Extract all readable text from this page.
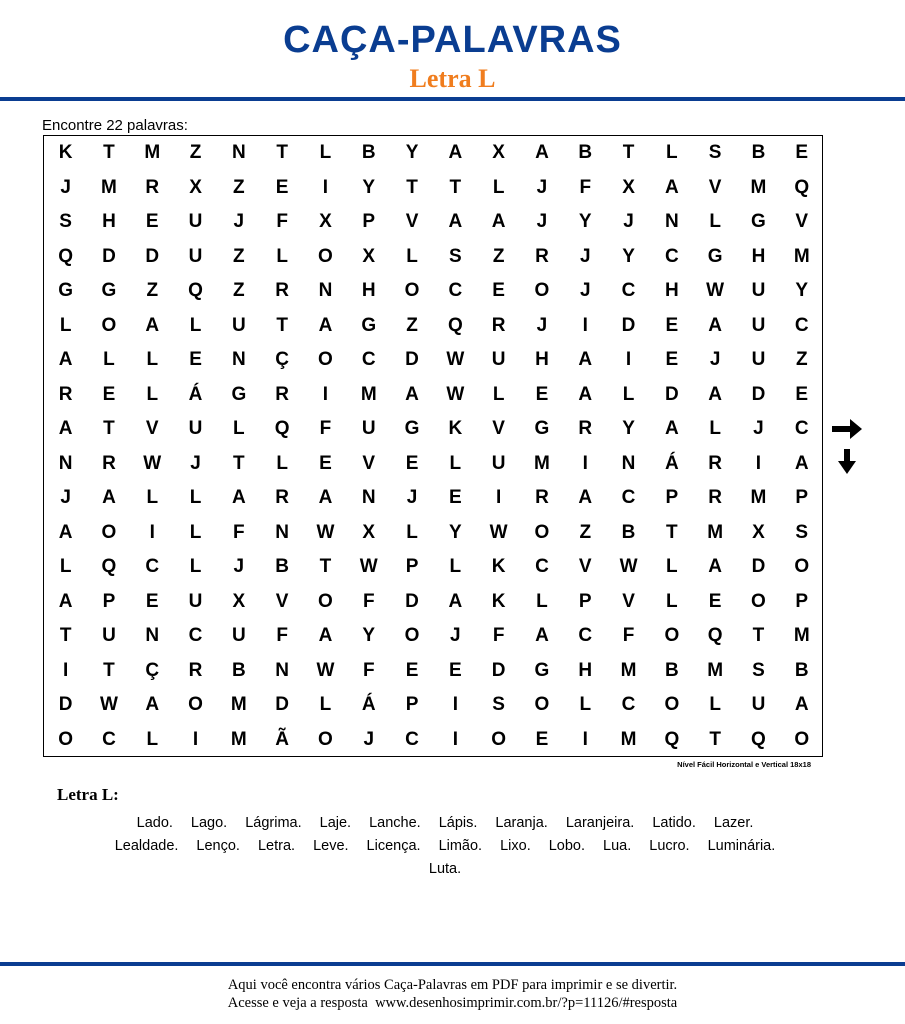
CAÇA-PALAVRAS
Letra L
Encontre 22 palavras:
K	T	M	Z	N	T	L	B	Y	A	X	A	B	T	L	S	B	E
J	M	R	X	Z	E	I	Y	T	T	L	J	F	X	A	V	M	Q
S	H	E	U	J	F	X	P	V	A	A	J	Y	J	N	L	G	V
Q	D	D	U	Z	L	O	X	L	S	Z	R	J	Y	C	G	H	M
G	G	Z	Q	Z	R	N	H	O	C	E	O	J	C	H	W	U	Y
L	O	A	L	U	T	A	G	Z	Q	R	J	I	D	E	A	U	C
A	L	L	E	N	Ç	O	C	D	W	U	H	A	I	E	J	U	Z
R	E	L	Á	G	R	I	M	A	W	L	E	A	L	D	A	D	E
A	T	V	U	L	Q	F	U	G	K	V	G	R	Y	A	L	J	C
N	R	W	J	T	L	E	V	E	L	U	M	I	N	Á	R	I	A
J	A	L	L	A	R	A	N	J	E	I	R	A	C	P	R	M	P
A	O	I	L	F	N	W	X	L	Y	W	O	Z	B	T	M	X	S
L	Q	C	L	J	B	T	W	P	L	K	C	V	W	L	A	D	O
A	P	E	U	X	V	O	F	D	A	K	L	P	V	L	E	O	P
T	U	N	C	U	F	A	Y	O	J	F	A	C	F	O	Q	T	M
I	T	Ç	R	B	N	W	F	E	E	D	G	H	M	B	M	S	B
D	W	A	O	M	D	L	Á	P	I	S	O	L	C	O	L	U	A
O	C	L	I	M	Ã	O	J	C	I	O	E	I	M	Q	T	Q	O
Nível Fácil Horizontal e Vertical 18x18
Letra L:
Lado. Lago. Lágrima. Laje. Lanche. Lápis. Laranja. Laranjeira. Latido. Lazer.
Lealdade. Lenço. Letra. Leve. Licença. Limão. Lixo. Lobo. Lua. Lucro. Luminária.
Luta.
Aqui você encontra vários Caça-Palavras em PDF para imprimir e se divertir.
Acesse e veja a resposta  www.desenhosimprimir.com.br/?p=11126/#resposta
